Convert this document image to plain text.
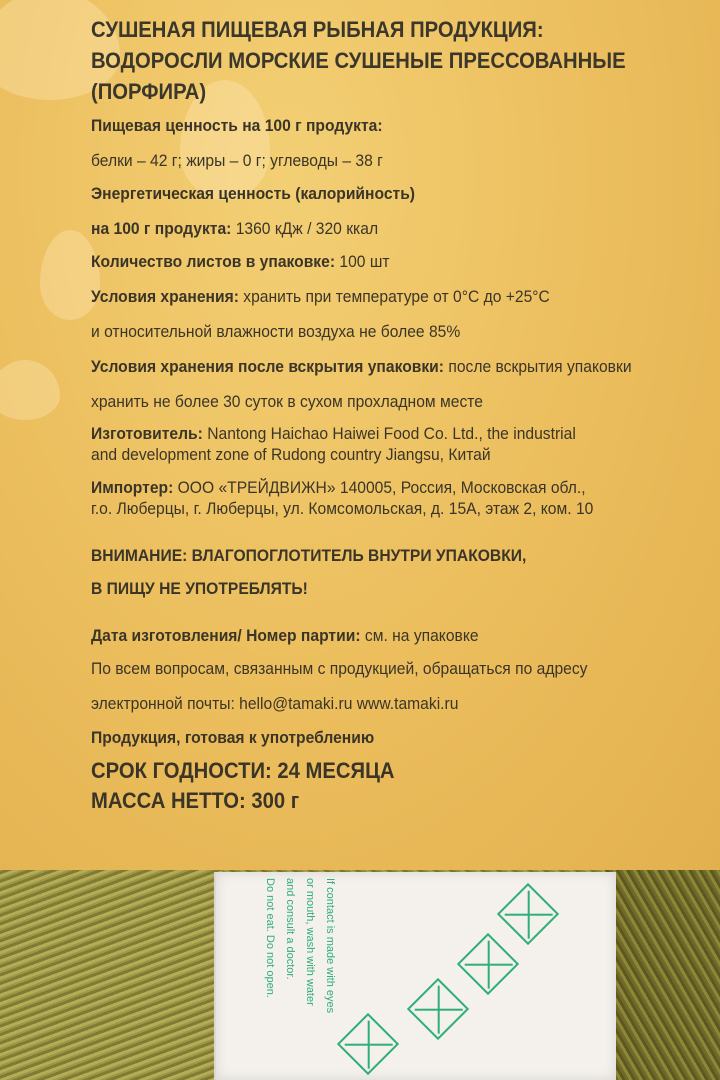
СУШЕНАЯ ПИЩЕВАЯ РЫБНАЯ ПРОДУКЦИЯ:

ВОДОРОСЛИ МОРСКИЕ СУШЕНЫЕ ПРЕССОВАННЫЕ

(ПОРФИРА)

Пищевая ценность на 100 г продукта:

белки – 42 г; жиры – 0 г; углеводы – 38 г

Энергетическая ценность (калорийность)

на 100 г продукта: 1360 кДж / 320 ккал

Количество листов в упаковке: 100 шт

Условия хранения: хранить при температуре от 0°С до +25°С

и относительной влажности воздуха не более 85%

Условия хранения после вскрытия упаковки: после вскрытия упаковки

хранить не более 30 суток в сухом прохладном месте

Изготовитель: Nantong Haichao Haiwei Food Co. Ltd., the industrial

and development zone of Rudong country Jiangsu, Китай

Импортер: ООО «ТРЕЙДВИЖН» 140005, Россия, Московская обл.,

г.о. Люберцы, г. Люберцы, ул. Комсомольская, д. 15А, этаж 2, ком. 10

ВНИМАНИЕ: ВЛАГОПОГЛОТИТЕЛЬ ВНУТРИ УПАКОВКИ,

В ПИЩУ НЕ УПОТРЕБЛЯТЬ!

Дата изготовления/ Номер партии: см. на упаковке

По всем вопросам, связанным с продукцией, обращаться по адресу

электронной почты: hello@tamaki.ru www.tamaki.ru

Продукция, готовая к употреблению

СРОК ГОДНОСТИ: 24 МЕСЯЦА

МАССА НЕТТО: 300 г

If contact is made with eyes
or mouth, wash with water
and consult a doctor.
Do not eat. Do not open.
